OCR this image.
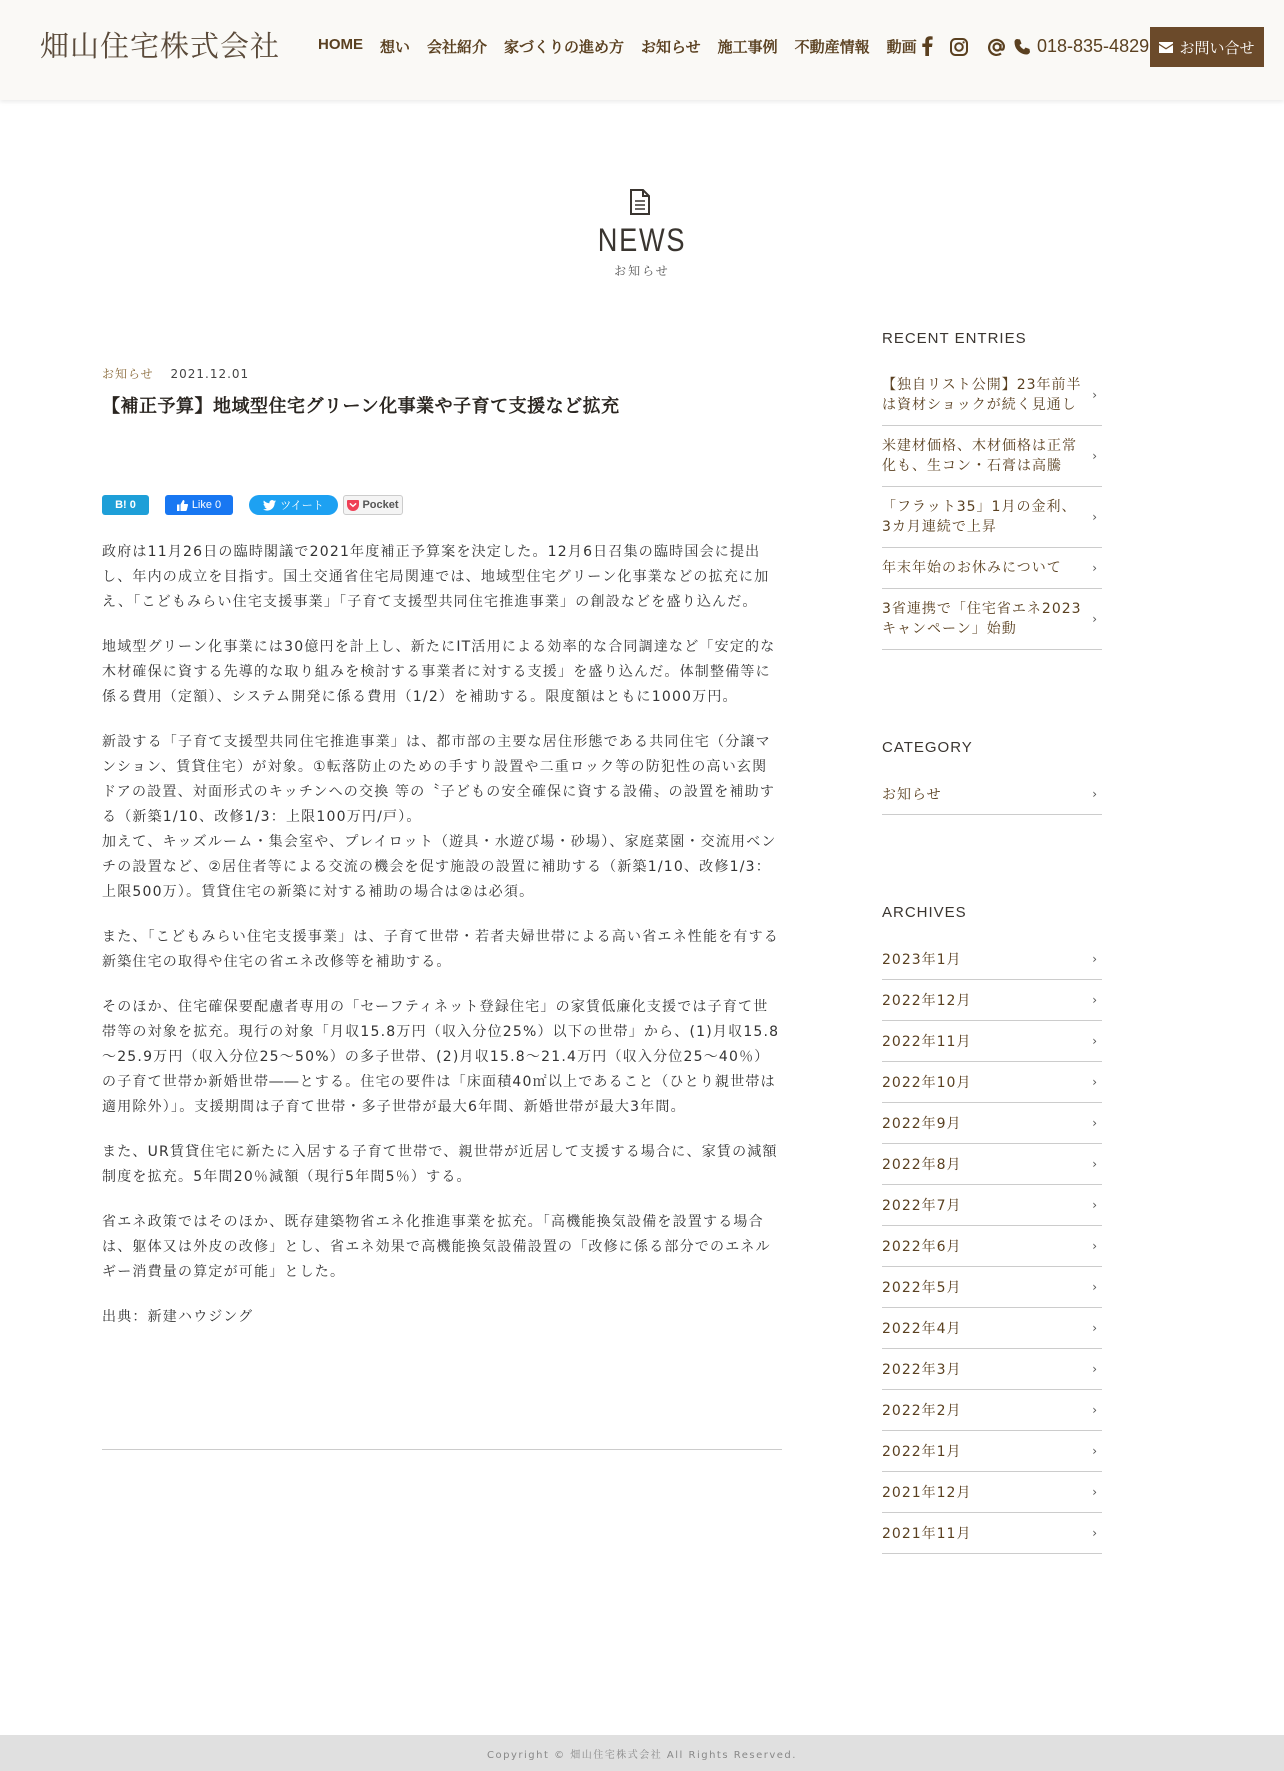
畑山住宅株式会社	HOME 想い 会社紹介 家づくりの進め方 お知らせ 施工事例 不動産情報 動画	018-835-4829 お問い合せ
NEWS
お知らせ
お知らせ 2021.12.01
【補正予算】地域型住宅グリーン化事業や子育て支援など拡充
B! 0	Like 0	ツイート	Pocket

政府は11月26日の臨時閣議で2021年度補正予算案を決定した。12月6日召集の臨時国会に提出し、年内の成立を目指す。国土交通省住宅局関連では、地域型住宅グリーン化事業などの拡充に加え、「こどもみらい住宅支援事業」「子育て支援型共同住宅推進事業」の創設などを盛り込んだ。

地域型グリーン化事業には30億円を計上し、新たにIT活用による効率的な合同調達など「安定的な木材確保に資する先導的な取り組みを検討する事業者に対する支援」を盛り込んだ。体制整備等に係る費用（定額）、システム開発に係る費用（1/2）を補助する。限度額はともに1000万円。

新設する「子育て支援型共同住宅推進事業」は、都市部の主要な居住形態である共同住宅（分譲マンション、賃貸住宅）が対象。①転落防止のための手すり設置や二重ロック等の防犯性の高い玄関ドアの設置、対面形式のキッチンへの交換 等の〝子どもの安全確保に資する設備〟の設置を補助する（新築1/10、改修1/3：上限100万円/戸）。

加えて、キッズルーム・集会室や、プレイロット（遊具・水遊び場・砂場）、家庭菜園・交流用ベンチの設置など、②居住者等による交流の機会を促す施設の設置に補助する（新築1/10、改修1/3：上限500万）。賃貸住宅の新築に対する補助の場合は②は必須。

また、「こどもみらい住宅支援事業」は、子育て世帯・若者夫婦世帯による高い省エネ性能を有する新築住宅の取得や住宅の省エネ改修等を補助する。

そのほか、住宅確保要配慮者専用の「セーフティネット登録住宅」の家賃低廉化支援では子育て世帯等の対象を拡充。現行の対象「月収15.8万円（収入分位25%）以下の世帯」から、(1)月収15.8～25.9万円（収入分位25～50%）の多子世帯、(2)月収15.8～21.4万円（収入分位25～40％）の子育て世帯か新婚世帯――とする。住宅の要件は「床面積40㎡以上であること（ひとり親世帯は適用除外）」。支援期間は子育て世帯・多子世帯が最大6年間、新婚世帯が最大3年間。

また、UR賃貸住宅に新たに入居する子育て世帯で、親世帯が近居して支援する場合に、家賃の減額制度を拡充。5年間20％減額（現行5年間5％）する。

省エネ政策ではそのほか、既存建築物省エネ化推進事業を拡充。「高機能換気設備を設置する場合は、躯体又は外皮の改修」とし、省エネ効果で高機能換気設備設置の「改修に係る部分でのエネルギー消費量の算定が可能」とした。

出典：新建ハウジング

RECENT ENTRIES
【独自リスト公開】23年前半は資材ショックが続く見通し
›
米建材価格、木材価格は正常化も、生コン・石膏は高騰
›
「フラット35」1月の金利、3カ月連続で上昇
›
年末年始のお休みについて	›
3省連携で「住宅省エネ2023キャンペーン」始動
›
CATEGORY
お知らせ	›
ARCHIVES
2023年1月	›
2022年12月	›
2022年11月	›
2022年10月	›
2022年9月	›
2022年8月	›
2022年7月	›
2022年6月	›
2022年5月	›
2022年4月	›
2022年3月	›
2022年2月	›
2022年1月	›
2021年12月	›
2021年11月	›
Copyright © 畑山住宅株式会社 All Rights Reserved.
